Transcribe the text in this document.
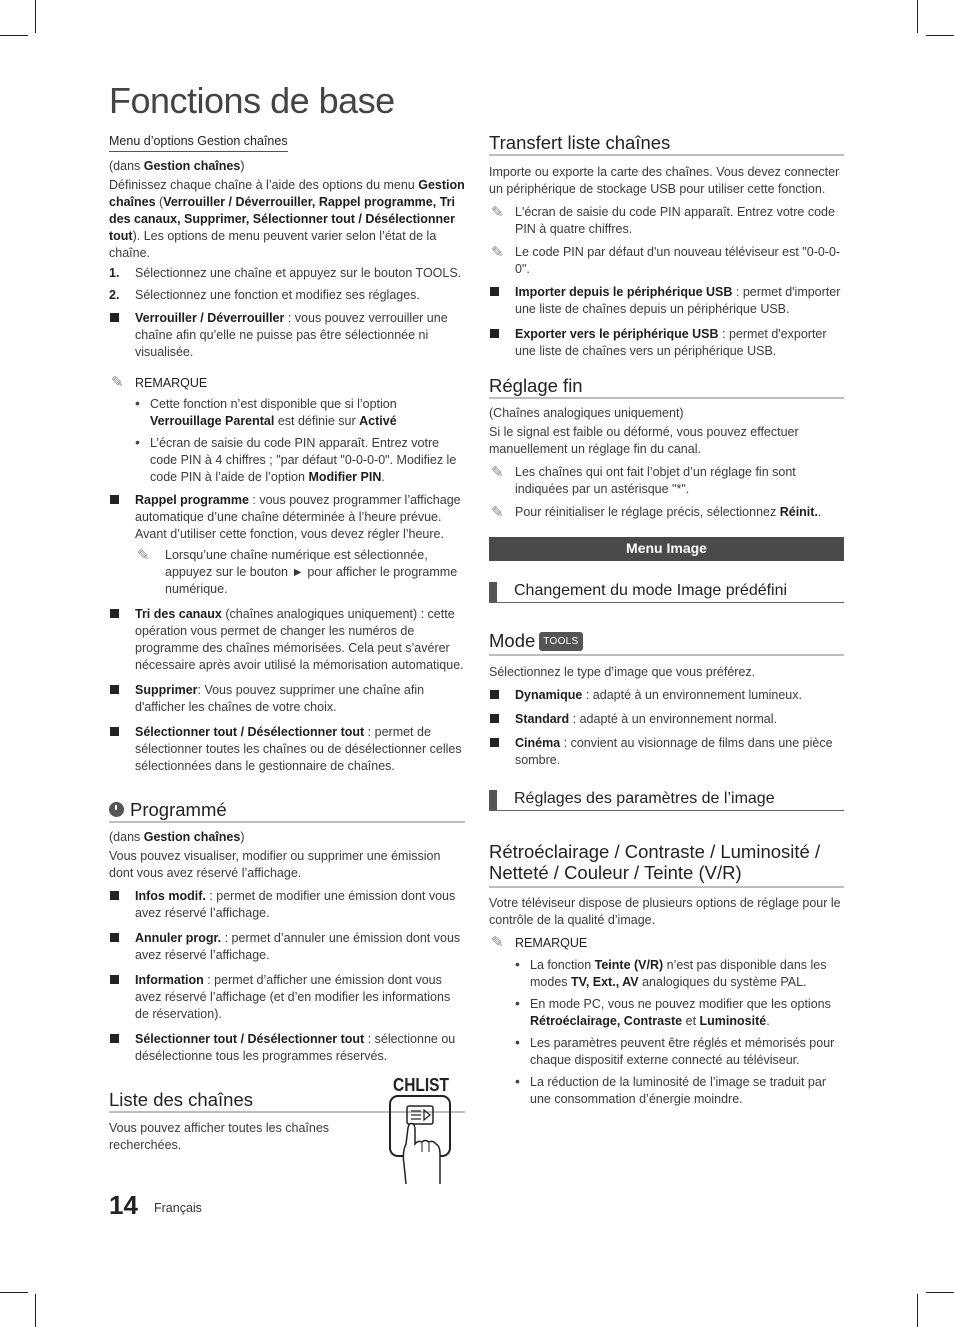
Fonctions de base
Menu d’options Gestion chaînes

(dans Gestion chaînes)

Définissez chaque chaîne à l’aide des options du menu Gestion chaînes (Verrouiller / Déverrouiller, Rappel programme, Tri des canaux, Supprimer, Sélectionner tout / Désélectionner tout). Les options de menu peuvent varier selon l’état de la chaîne.

1. Sélectionnez une chaîne et appuyez sur le bouton TOOLS.
2. Sélectionnez une fonction et modifiez ses réglages.
Verrouiller / Déverrouiller : vous pouvez verrouiller une chaîne afin qu’elle ne puisse pas être sélectionnée ni visualisée.
✎ REMARQUE
• Cette fonction n’est disponible que si l’option Verrouillage Parental est définie sur Activé
• L’écran de saisie du code PIN apparaît. Entrez votre code PIN à 4 chiffres ; "par défaut "0-0-0-0". Modifiez le code PIN à l’aide de l’option Modifier PIN.
Rappel programme : vous pouvez programmer l’affichage automatique d’une chaîne déterminée à l’heure prévue. Avant d’utiliser cette fonction, vous devez régler l’heure.
✎ Lorsqu’une chaîne numérique est sélectionnée, appuyez sur le bouton ► pour afficher le programme numérique.
Tri des canaux (chaînes analogiques uniquement) : cette opération vous permet de changer les numéros de programme des chaînes mémorisées. Cela peut s’avérer nécessaire après avoir utilisé la mémorisation automatique.
Supprimer: Vous pouvez supprimer une chaîne afin d'afficher les chaînes de votre choix.
Sélectionner tout / Désélectionner tout : permet de sélectionner toutes les chaînes ou de désélectionner celles sélectionnées dans le gestionnaire de chaînes.
Programmé

(dans Gestion chaînes)

Vous pouvez visualiser, modifier ou supprimer une émission dont vous avez réservé l’affichage.

Infos modif. : permet de modifier une émission dont vous avez réservé l’affichage.
Annuler progr. : permet d’annuler une émission dont vous avez réservé l’affichage.
Information : permet d’afficher une émission dont vous avez réservé l’affichage (et d’en modifier les informations de réservation).
Sélectionner tout / Désélectionner tout : sélectionne ou désélectionne tous les programmes réservés.
Liste des chaînes

Vous pouvez afficher toutes les chaînes recherchées.

CHLIST
Transfert liste chaînes

Importe ou exporte la carte des chaînes. Vous devez connecter un périphérique de stockage USB pour utiliser cette fonction.

✎ L'écran de saisie du code PIN apparaît. Entrez votre code PIN à quatre chiffres.
✎ Le code PIN par défaut d'un nouveau téléviseur est "0-0-0-0".
Importer depuis le périphérique USB : permet d'importer une liste de chaînes depuis un périphérique USB.
Exporter vers le périphérique USB : permet d'exporter une liste de chaînes vers un périphérique USB.
Réglage fin

(Chaînes analogiques uniquement)

Si le signal est faible ou déformé, vous pouvez effectuer manuellement un réglage fin du canal.

✎ Les chaînes qui ont fait l’objet d’un réglage fin sont indiquées par un astérisque "*".
✎ Pour réinitialiser le réglage précis, sélectionnez Réinit..
Menu Image
Changement du mode Image prédéfini
Mode TOOLS

Sélectionnez le type d’image que vous préférez.

Dynamique : adapté à un environnement lumineux.
Standard : adapté à un environnement normal.
Cinéma : convient au visionnage de films dans une pièce sombre.
Réglages des paramètres de l’image
Rétroéclairage / Contraste / Luminosité / Netteté / Couleur / Teinte (V/R)

Votre téléviseur dispose de plusieurs options de réglage pour le contrôle de la qualité d’image.

✎ REMARQUE
• La fonction Teinte (V/R) n’est pas disponible dans les modes TV, Ext., AV analogiques du système PAL.
• En mode PC, vous ne pouvez modifier que les options Rétroéclairage, Contraste et Luminosité.
• Les paramètres peuvent être réglés et mémorisés pour chaque dispositif externe connecté au téléviseur.
• La réduction de la luminosité de l’image se traduit par une consommation d’énergie moindre.
14 Français
